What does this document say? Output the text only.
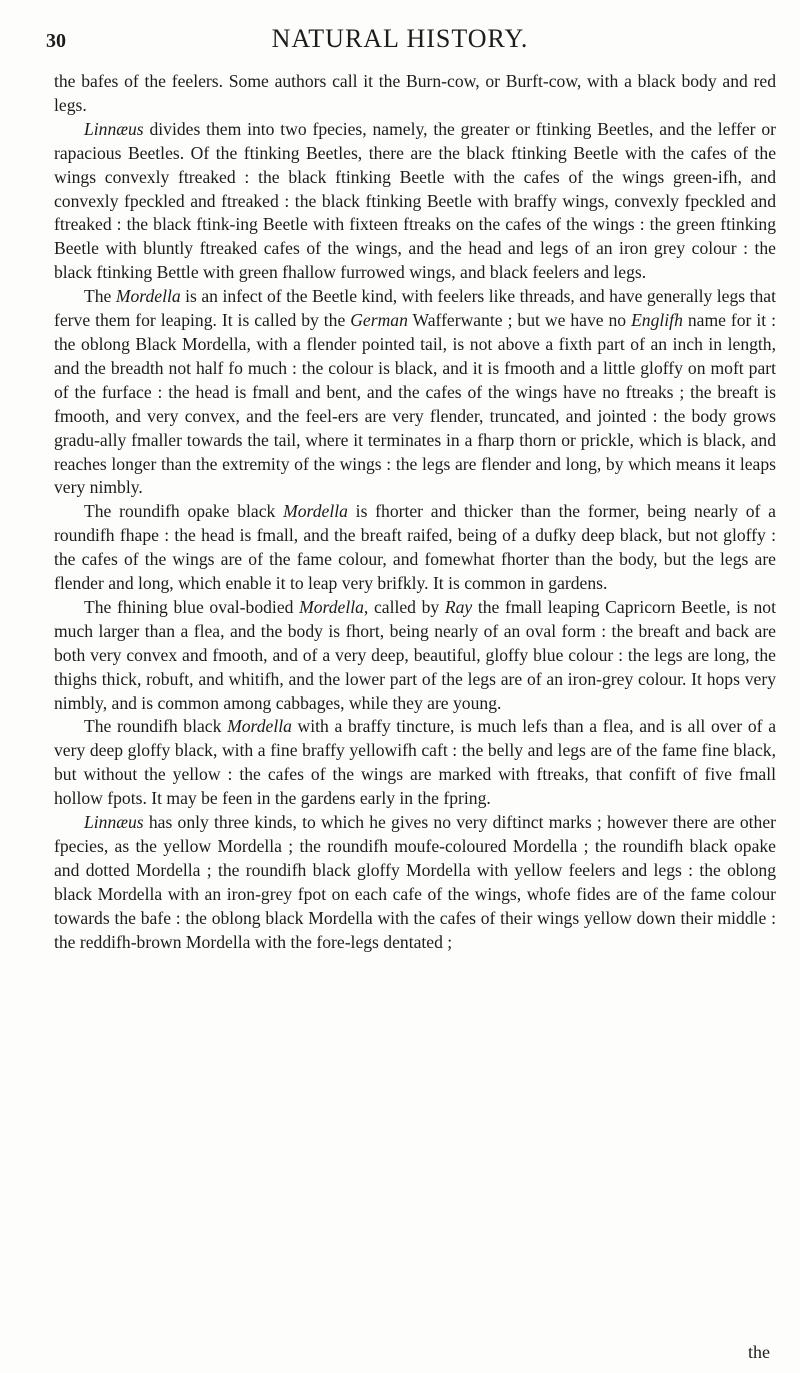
30	NATURAL HISTORY.

the bafes of the feelers. Some authors call it the Burn-cow, or Burft-cow, with a black body and red legs.

Linnæus divides them into two fpecies, namely, the greater or ftinking Beetles, and the leffer or rapacious Beetles. Of the ftinking Beetles, there are the black ftinking Beetle with the cafes of the wings convexly ftreaked : the black ftinking Beetle with the cafes of the wings green-ifh, and convexly fpeckled and ftreaked : the black ftinking Beetle with braffy wings, convexly fpeckled and ftreaked : the black ftink-ing Beetle with fixteen ftreaks on the cafes of the wings : the green ftinking Beetle with bluntly ftreaked cafes of the wings, and the head and legs of an iron grey colour : the black ftinking Bettle with green fhallow furrowed wings, and black feelers and legs.

The Mordella is an infect of the Beetle kind, with feelers like threads, and have generally legs that ferve them for leaping. It is called by the German Wafferwante ; but we have no Englifh name for it : the oblong Black Mordella, with a flender pointed tail, is not above a fixth part of an inch in length, and the breadth not half fo much : the colour is black, and it is fmooth and a little gloffy on moft part of the furface : the head is fmall and bent, and the cafes of the wings have no ftreaks ; the breaft is fmooth, and very convex, and the feel-ers are very flender, truncated, and jointed : the body grows gradu-ally fmaller towards the tail, where it terminates in a fharp thorn or prickle, which is black, and reaches longer than the extremity of the wings : the legs are flender and long, by which means it leaps very nimbly.

The roundifh opake black Mordella is fhorter and thicker than the former, being nearly of a roundifh fhape : the head is fmall, and the breaft raifed, being of a dufky deep black, but not gloffy : the cafes of the wings are of the fame colour, and fomewhat fhorter than the body, but the legs are flender and long, which enable it to leap very brifkly. It is common in gardens.

The fhining blue oval-bodied Mordella, called by Ray the fmall leaping Capricorn Beetle, is not much larger than a flea, and the body is fhort, being nearly of an oval form : the breaft and back are both very convex and fmooth, and of a very deep, beautiful, gloffy blue colour : the legs are long, the thighs thick, robuft, and whitifh, and the lower part of the legs are of an iron-grey colour. It hops very nimbly, and is common among cabbages, while they are young.

The roundifh black Mordella with a braffy tincture, is much lefs than a flea, and is all over of a very deep gloffy black, with a fine braffy yellowifh caft : the belly and legs are of the fame fine black, but without the yellow : the cafes of the wings are marked with ftreaks, that confift of five fmall hollow fpots. It may be feen in the gardens early in the fpring.

Linnæus has only three kinds, to which he gives no very diftinct marks ; however there are other fpecies, as the yellow Mordella ; the roundifh moufe-coloured Mordella ; the roundifh black opake and dotted Mordella ; the roundifh black gloffy Mordella with yellow feelers and legs : the oblong black Mordella with an iron-grey fpot on each cafe of the wings, whofe fides are of the fame colour towards the bafe : the oblong black Mordella with the cafes of their wings yellow down their middle : the reddifh-brown Mordella with the fore-legs dentated ;

the
